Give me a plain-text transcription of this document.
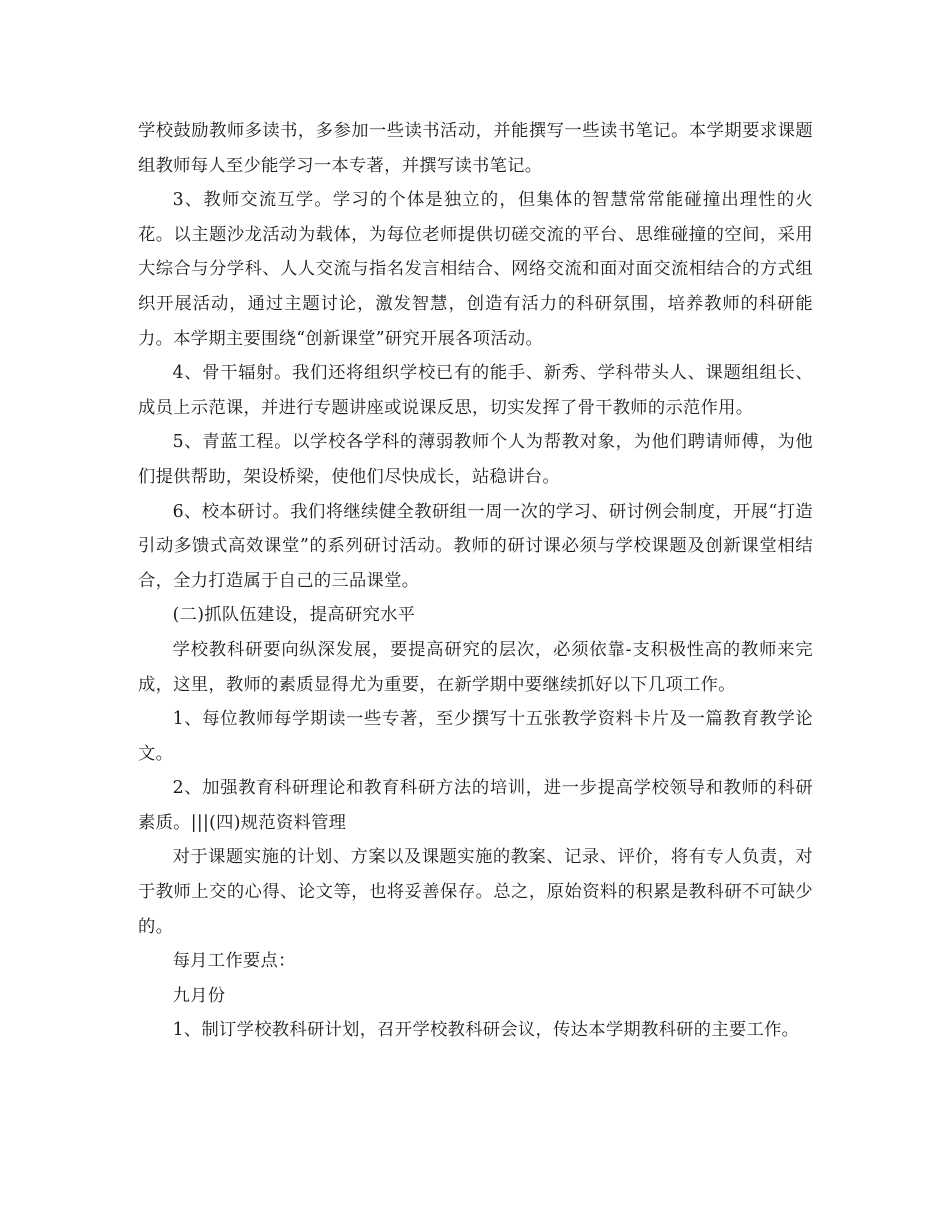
学校鼓励教师多读书，多参加一些读书活动，并能撰写一些读书笔记。本学期要求课题组教师每人至少能学习一本专著，并撰写读书笔记。

3、教师交流互学。学习的个体是独立的，但集体的智慧常常能碰撞出理性的火花。以主题沙龙活动为载体，为每位老师提供切磋交流的平台、思维碰撞的空间，采用大综合与分学科、人人交流与指名发言相结合、网络交流和面对面交流相结合的方式组织开展活动，通过主题讨论，激发智慧，创造有活力的科研氛围，培养教师的科研能力。本学期主要围绕“创新课堂”研究开展各项活动。

4、骨干辐射。我们还将组织学校已有的能手、新秀、学科带头人、课题组组长、成员上示范课，并进行专题讲座或说课反思，切实发挥了骨干教师的示范作用。

5、青蓝工程。以学校各学科的薄弱教师个人为帮教对象，为他们聘请师傅，为他们提供帮助，架设桥梁，使他们尽快成长，站稳讲台。

6、校本研讨。我们将继续健全教研组一周一次的学习、研讨例会制度，开展“打造引动多馈式高效课堂”的系列研讨活动。教师的研讨课必须与学校课题及创新课堂相结合，全力打造属于自己的三品课堂。

(二)抓队伍建设，提高研究水平

学校教科研要向纵深发展，要提高研究的层次，必须依靠-支积极性高的教师来完成，这里，教师的素质显得尤为重要，在新学期中要继续抓好以下几项工作。

1、每位教师每学期读一些专著，至少撰写十五张教学资料卡片及一篇教育教学论文。

2、加强教育科研理论和教育科研方法的培训，进一步提高学校领导和教师的科研素质。|||(四)规范资料管理

对于课题实施的计划、方案以及课题实施的教案、记录、评价，将有专人负责，对于教师上交的心得、论文等，也将妥善保存。总之，原始资料的积累是教科研不可缺少的。

每月工作要点：

九月份

1、制订学校教科研计划，召开学校教科研会议，传达本学期教科研的主要工作。
